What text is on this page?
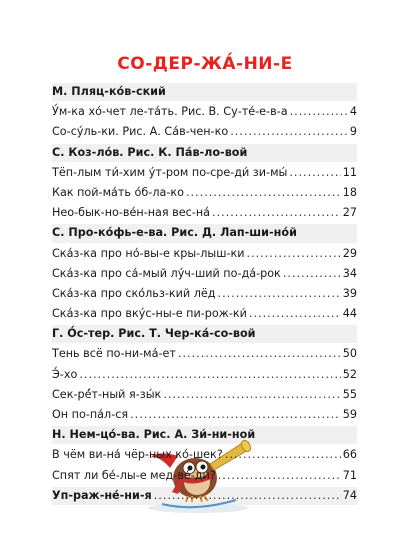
СО-ДЕР-ЖА́-НИ-Е
М. Пляц-ко́в-ский
У́м-ка хо́-чет ле-та́ть. Рис. В. Су-те́-е-в-а .....	4
Со-су́ль-ки. Рис. А. Са́в-чен-ко .....	9
С. Коз-ло́в. Рис. К. Па́в-ло-вой
Тёп-лым ти́-хим у́т-ром по-сре-ди́ зи-мы́ .....	11
Как пой-ма́ть о́б-ла-ко .....	18
Нео-бык-но-ве́н-ная вес-на́ .....	27
С. Про-ко́фь-е-ва. Рис. Д. Лап-ши-но́й
Ска́з-ка про но́-вы-е кры-лыш-ки .....	29
Ска́з-ка про са́-мый лу́ч-ший по-да́-рок .....	34
Ска́з-ка про ско́льз-кий лёд .....	39
Ска́з-ка про вку́с-ны-е пи-рож-ки́ .....	44
Г. О́с-тер. Рис. Т. Чер-ка́-со-вой
Тень всё по-ни-ма́-ет .....	50
Э́-хо .....	52
Сек-рé́т-ный я-зы́к .....	55
Он по-па́л-ся .....	59
Н. Нем-цо́-ва. Рис. А. Зи́-ни-ной
В чём ви-на́ чёр-ных ко́-шек? .....	66
Спят ли бе́-лы-е мед-ве́-ди? .....	71
Уп-раж-не́-ни-я .....	74
